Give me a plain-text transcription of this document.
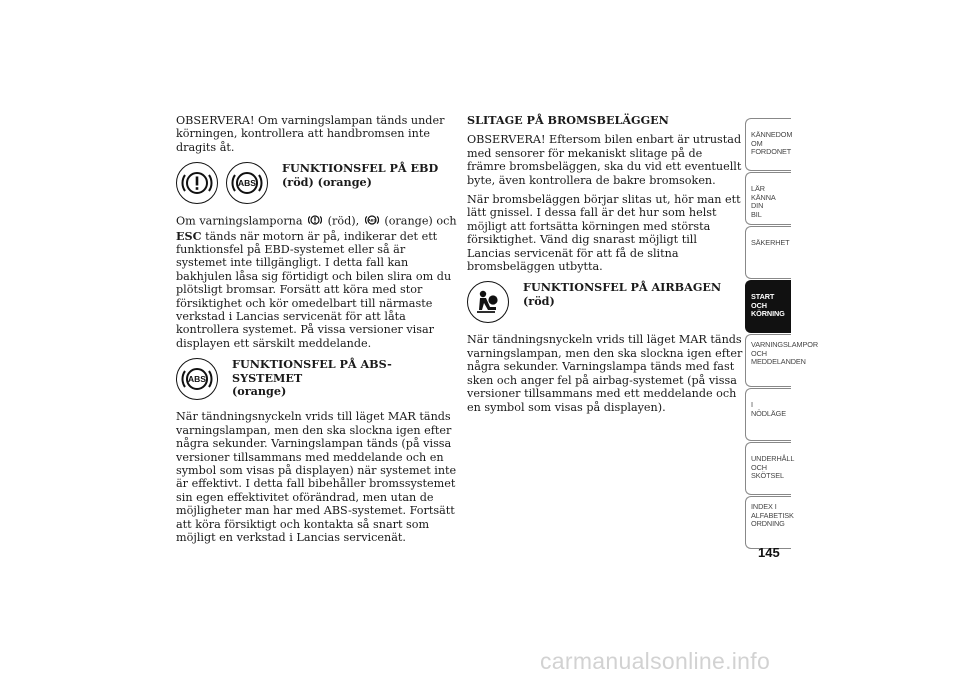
OBSERVERA! Om varningslampan tänds under körningen, kontrollera att handbromsen inte dragits åt.

ABS
FUNKTIONSFEL PÅ EBD
(röd) (orange)

Om varningslamporna (röd), ABS (orange) och ESC tänds när motorn är på, indikerar det ett funktionsfel på EBD-systemet eller så är systemet inte tillgängligt. I detta fall kan bakhjulen låsa sig förtidigt och bilen slira om du plötsligt bromsar. Forsätt att köra med stor försiktighet och kör omedelbart till närmaste verkstad i Lancias servicenät för att låta kontrollera systemet. På vissa versioner visar displayen ett särskilt meddelande.

ABS
FUNKTIONSFEL PÅ ABS-SYSTEMET
(orange)

När tändningsnyckeln vrids till läget MAR tänds varningslampan, men den ska slockna igen efter några sekunder. Varningslampan tänds (på vissa versioner tillsammans med meddelande och en symbol som visas på displayen) när systemet inte är effektivt. I detta fall bibehåller bromssystemet sin egen effektivitet oförändrad, men utan de möjligheter man har med ABS-systemet. Fortsätt att köra försiktigt och kontakta så snart som möjligt en verkstad i Lancias servicenät.

SLITAGE PÅ BROMSBELÄGGEN

OBSERVERA! Eftersom bilen enbart är utrustad med sensorer för mekaniskt slitage på de främre bromsbeläggen, ska du vid ett eventuellt byte, även kontrollera de bakre bromsoken.

När bromsbeläggen börjar slitas ut, hör man ett lätt gnissel. I dessa fall är det hur som helst möjligt att fortsätta körningen med största försiktighet. Vänd dig snarast möjligt till Lancias servicenät för att få de slitna bromsbeläggen utbytta.

FUNKTIONSFEL PÅ AIRBAGEN (röd)

När tändningsnyckeln vrids till läget MAR tänds varningslampan, men den ska slockna igen efter några sekunder. Varningslampa tänds med fast sken och anger fel på airbag-systemet (på vissa versioner tillsammans med ett meddelande och en symbol som visas på displayen).

KÄNNEDOM OM
FORDONET
LÄR KÄNNA DIN
BIL
SÄKERHET
START OCH
KÖRNING
VARNINGSLAMPOR
OCH
MEDDELANDEN
I NÖDLÄGE
UNDERHÅLL OCH
SKÖTSEL
INDEX I
ALFABETISK
ORDNING
145
carmanualsonline.info
